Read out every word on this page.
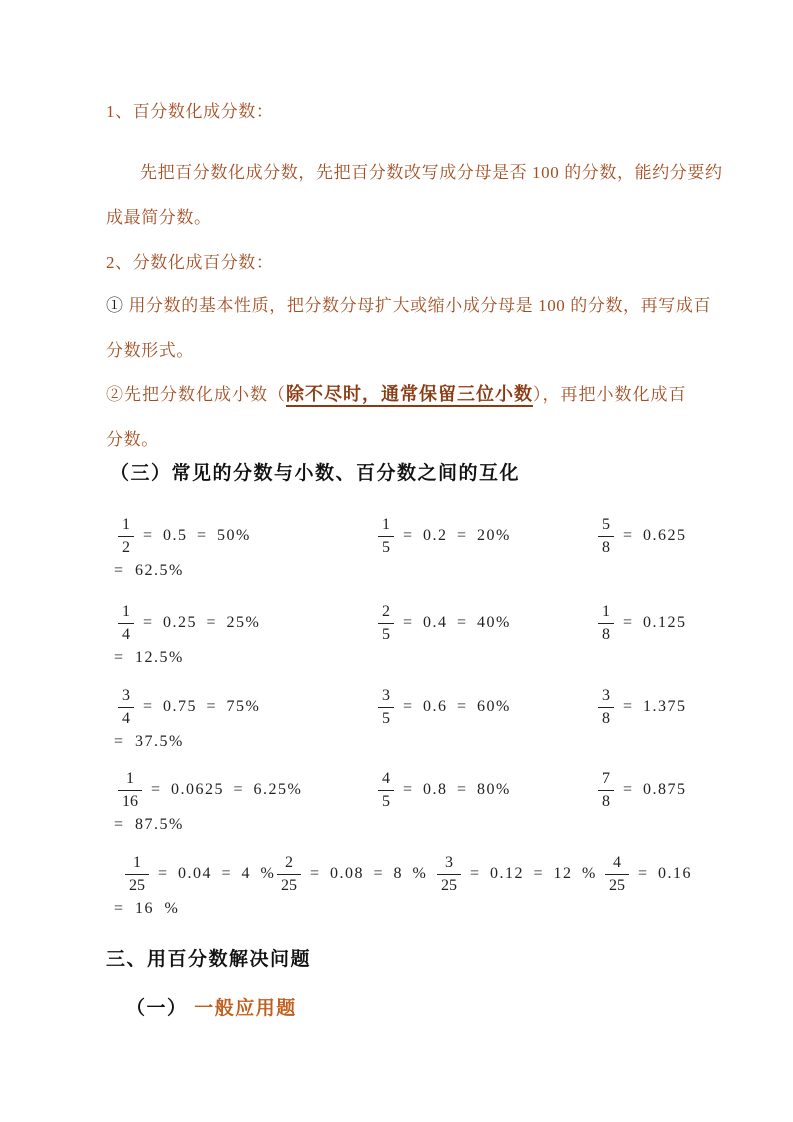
1、百分数化成分数：
先把百分数化成分数，先把百分数改写成分母是否 100 的分数，能约分要约
成最简分数。
2、分数化成百分数：
① 用分数的基本性质，把分数分母扩大或缩小成分母是 100 的分数，再写成百
分数形式。
②先把分数化成小数（除不尽时，通常保留三位小数），再把小数化成百
分数。
（三）常见的分数与小数、百分数之间的互化
$\frac{1}{2} = 0.5 = 50\%$	$\frac{1}{5} = 0.2 = 20\%$	$\frac{5}{8} = 0.625$
= 62.5%
$\frac{1}{4} = 0.25 = 25\%$	$\frac{2}{5} = 0.4 = 40\%$	$\frac{1}{8} = 0.125$
= 12.5%
$\frac{3}{4} = 0.75 = 75\%$	$\frac{3}{5} = 0.6 = 60\%$	$\frac{3}{8} = 1.375$
= 37.5%
$\frac{1}{16} = 0.0625 = 6.25\%$	$\frac{4}{5} = 0.8 = 80\%$	$\frac{7}{8} = 0.875$
= 87.5%
$\frac{1}{25} = 0.04 = 4$ % $\frac{2}{25} = 0.08 = 8$ % $\frac{3}{25} = 0.12 = 12$ % $\frac{4}{25} = 0.16$
= 16 %
三、用百分数解决问题
（一） 一般应用题
